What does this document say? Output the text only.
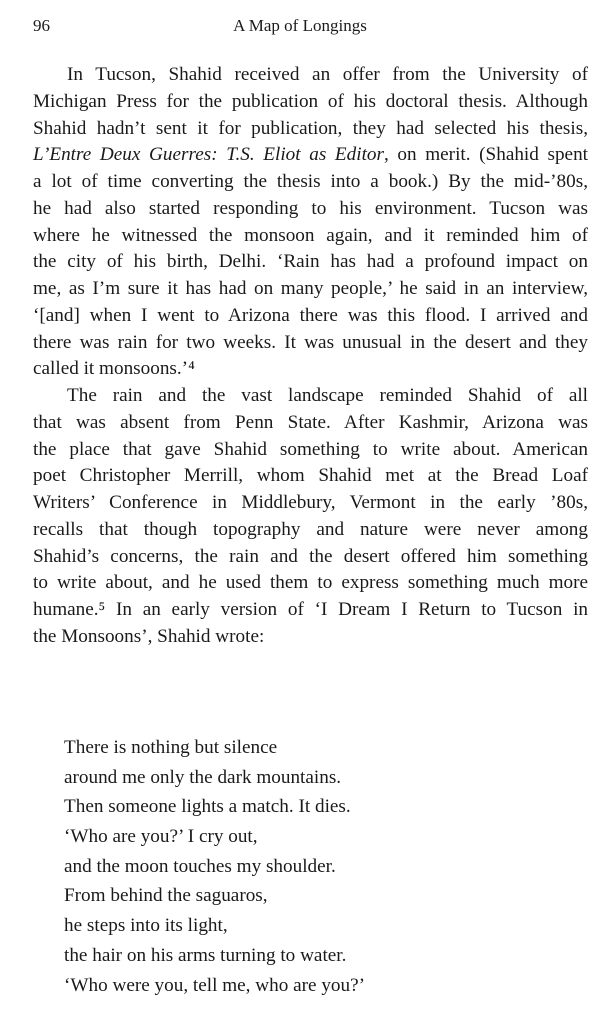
96	A Map of Longings
In Tucson, Shahid received an offer from the University of
Michigan Press for the publication of his doctoral thesis. Although
Shahid hadn’t sent it for publication, they had selected his thesis,
L’Entre Deux Guerres: T.S. Eliot as Editor, on merit. (Shahid spent
a lot of time converting the thesis into a book.) By the mid-’80s,
he had also started responding to his environment. Tucson was
where he witnessed the monsoon again, and it reminded him of
the city of his birth, Delhi. ‘Rain has had a profound impact on
me, as I’m sure it has had on many people,’ he said in an interview,
‘[and] when I went to Arizona there was this flood. I arrived and
there was rain for two weeks. It was unusual in the desert and they
called it monsoons.’⁴
The rain and the vast landscape reminded Shahid of all
that was absent from Penn State. After Kashmir, Arizona was
the place that gave Shahid something to write about. American
poet Christopher Merrill, whom Shahid met at the Bread Loaf
Writers’ Conference in Middlebury, Vermont in the early ’80s,
recalls that though topography and nature were never among
Shahid’s concerns, the rain and the desert offered him something
to write about, and he used them to express something much more
humane.⁵ In an early version of ‘I Dream I Return to Tucson in
the Monsoons’, Shahid wrote:
There is nothing but silence
around me only the dark mountains.
Then someone lights a match. It dies.
‘Who are you?’ I cry out,
and the moon touches my shoulder.
From behind the saguaros,
he steps into its light,
the hair on his arms turning to water.
‘Who were you, tell me, who are you?’
